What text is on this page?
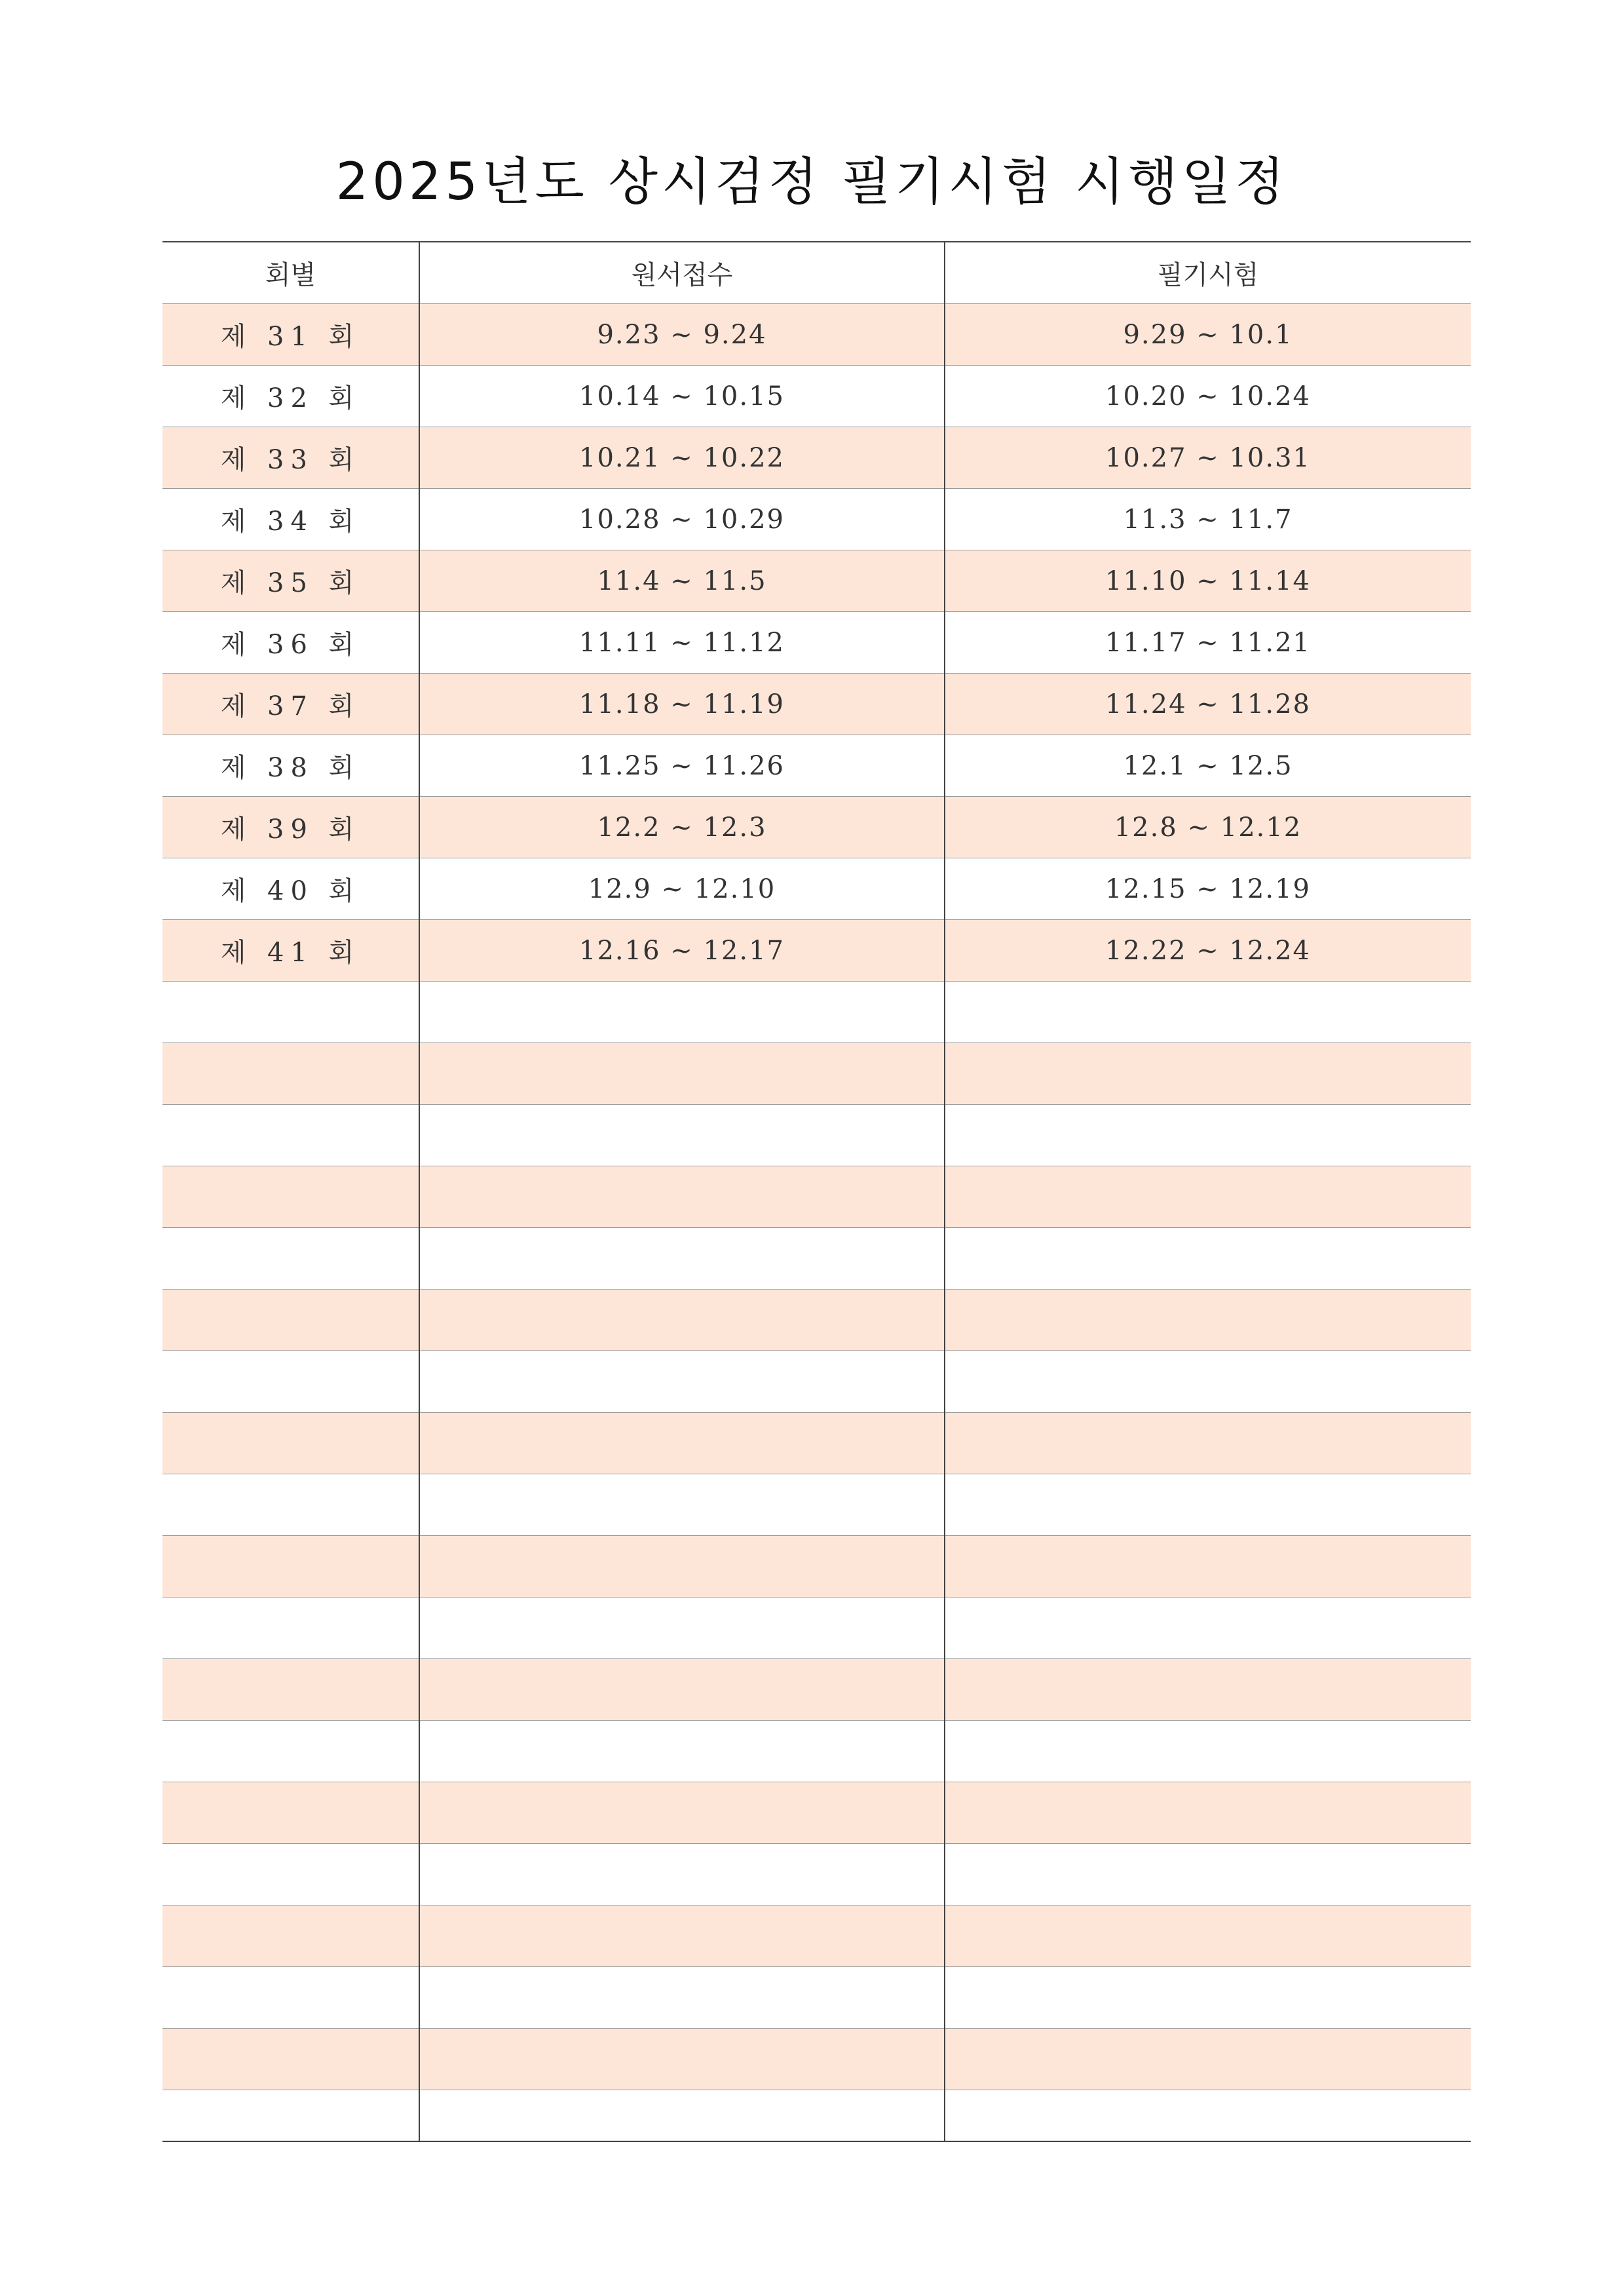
2025년도 상시검정 필기시험 시행일정
회별	원서접수	필기시험
제 31 회	9.23 ~ 9.24	9.29 ~ 10.1
제 32 회	10.14 ~ 10.15	10.20 ~ 10.24
제 33 회	10.21 ~ 10.22	10.27 ~ 10.31
제 34 회	10.28 ~ 10.29	11.3 ~ 11.7
제 35 회	11.4 ~ 11.5	11.10 ~ 11.14
제 36 회	11.11 ~ 11.12	11.17 ~ 11.21
제 37 회	11.18 ~ 11.19	11.24 ~ 11.28
제 38 회	11.25 ~ 11.26	12.1 ~ 12.5
제 39 회	12.2 ~ 12.3	12.8 ~ 12.12
제 40 회	12.9 ~ 12.10	12.15 ~ 12.19
제 41 회	12.16 ~ 12.17	12.22 ~ 12.24
